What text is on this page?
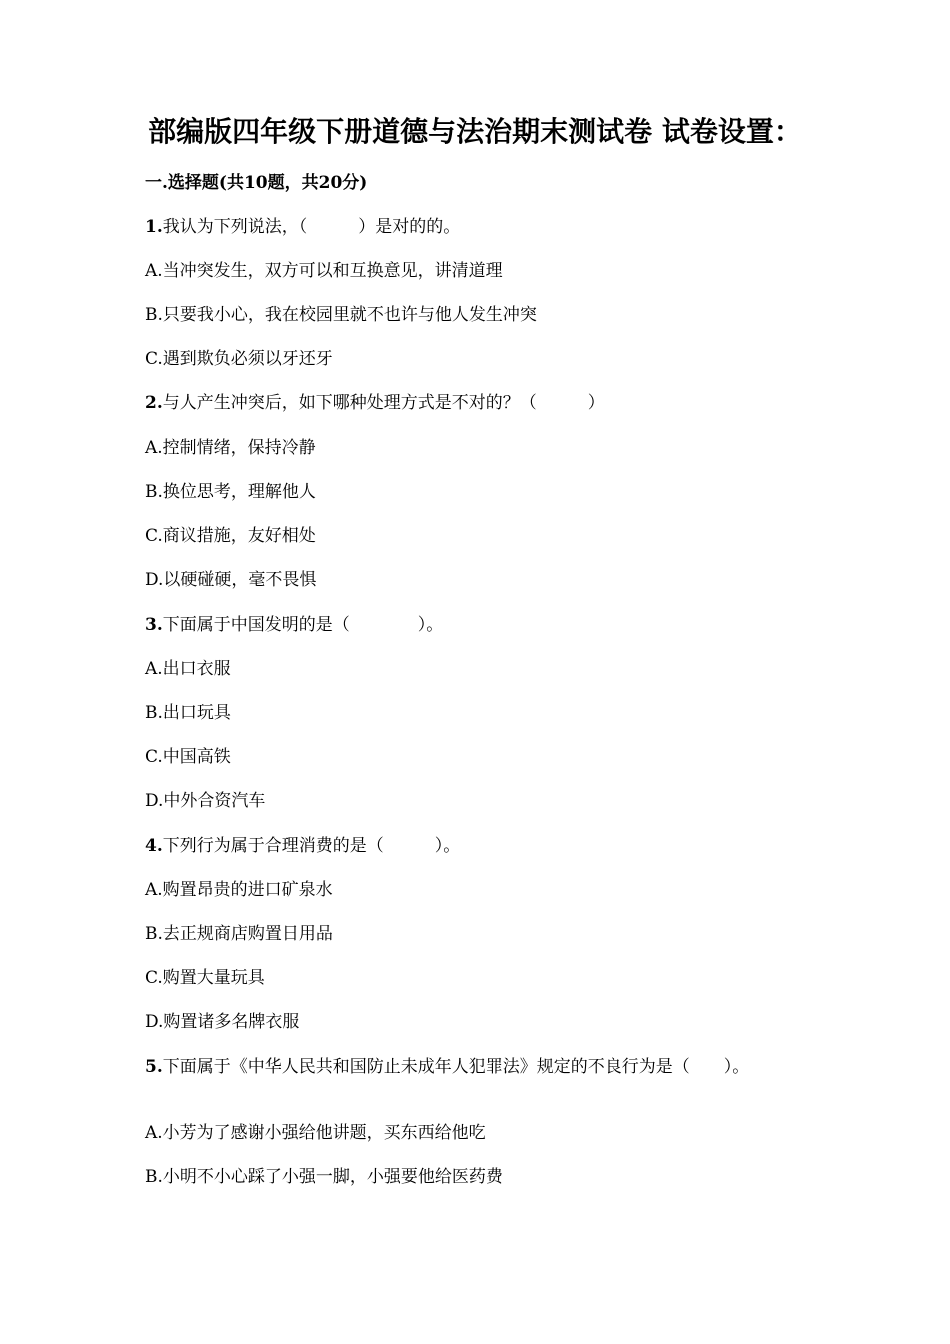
部编版四年级下册道德与法治期末测试卷 试卷设置：
一.选择题(共10题，共20分)
1.我认为下列说法，（　　　）是对的的。
A.当冲突发生，双方可以和互换意见，讲清道理
B.只要我小心，我在校园里就不也许与他人发生冲突
C.遇到欺负必须以牙还牙
2.与人产生冲突后，如下哪种处理方式是不对的？（　　　）
A.控制情绪，保持冷静
B.换位思考，理解他人
C.商议措施，友好相处
D.以硬碰硬，毫不畏惧
3.下面属于中国发明的是（　　　　）。
A.出口衣服
B.出口玩具
C.中国高铁
D.中外合资汽车
4.下列行为属于合理消费的是（　　　）。
A.购置昂贵的进口矿泉水
B.去正规商店购置日用品
C.购置大量玩具
D.购置诸多名牌衣服
5.下面属于《中华人民共和国防止未成年人犯罪法》规定的不良行为是（　　）。
A.小芳为了感谢小强给他讲题，买东西给他吃
B.小明不小心踩了小强一脚，小强要他给医药费
